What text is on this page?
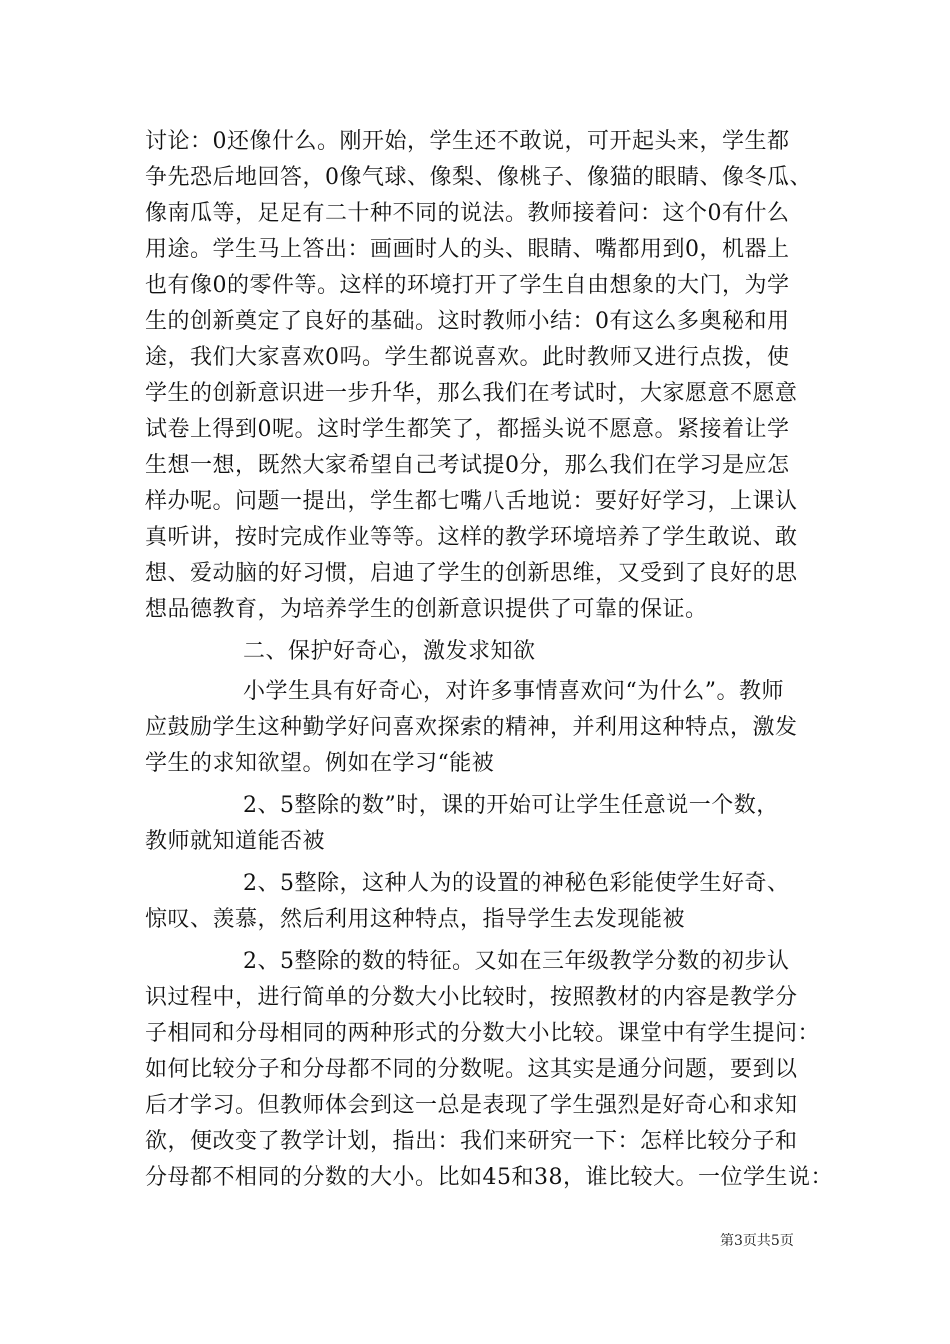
讨论：0还像什么。刚开始，学生还不敢说，可开起头来，学生都
争先恐后地回答，0像气球、像梨、像桃子、像猫的眼睛、像冬瓜、
像南瓜等，足足有二十种不同的说法。教师接着问：这个0有什么
用途。学生马上答出：画画时人的头、眼睛、嘴都用到0，机器上
也有像0的零件等。这样的环境打开了学生自由想象的大门，为学
生的创新奠定了良好的基础。这时教师小结：0有这么多奥秘和用
途，我们大家喜欢0吗。学生都说喜欢。此时教师又进行点拨，使
学生的创新意识进一步升华，那么我们在考试时，大家愿意不愿意
试卷上得到0呢。这时学生都笑了，都摇头说不愿意。紧接着让学
生想一想，既然大家希望自己考试提0分，那么我们在学习是应怎
样办呢。问题一提出，学生都七嘴八舌地说：要好好学习，上课认
真听讲，按时完成作业等等。这样的教学环境培养了学生敢说、敢
想、爱动脑的好习惯，启迪了学生的创新思维，又受到了良好的思
想品德教育，为培养学生的创新意识提供了可靠的保证。
二、保护好奇心，激发求知欲
小学生具有好奇心，对许多事情喜欢问“为什么”。教师
应鼓励学生这种勤学好问喜欢探索的精神，并利用这种特点，激发
学生的求知欲望。例如在学习“能被
2、5整除的数”时，课的开始可让学生任意说一个数，
教师就知道能否被
2、5整除，这种人为的设置的神秘色彩能使学生好奇、
惊叹、羡慕，然后利用这种特点，指导学生去发现能被
2、5整除的数的特征。又如在三年级教学分数的初步认
识过程中，进行简单的分数大小比较时，按照教材的内容是教学分
子相同和分母相同的两种形式的分数大小比较。课堂中有学生提问：
如何比较分子和分母都不同的分数呢。这其实是通分问题，要到以
后才学习。但教师体会到这一总是表现了学生强烈是好奇心和求知
欲，便改变了教学计划，指出：我们来研究一下：怎样比较分子和
分母都不相同的分数的大小。比如45和38，谁比较大。一位学生说：
第3页共5页
